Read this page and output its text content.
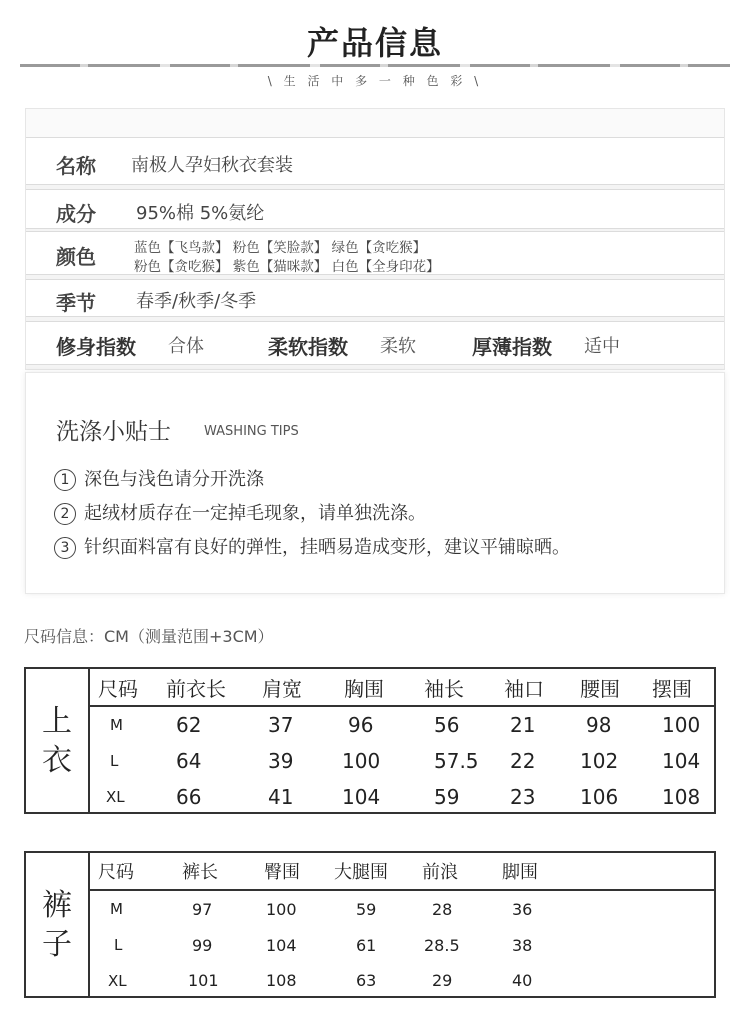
产品信息
\ 生 活 中 多 一 种 色 彩 \
名称 南极人孕妇秋衣套装
成分 95%棉 5%氨纶
颜色	蓝色【飞鸟款】 粉色【笑脸款】 绿色【贪吃猴】
粉色【贪吃猴】 紫色【猫咪款】 白色【全身印花】
季节 春季/秋季/冬季
修身指数 合体	柔软指数 柔软	厚薄指数 适中
洗涤小贴士	WASHING TIPS
1 深色与浅色请分开洗涤
2 起绒材质存在一定掉毛现象，请单独洗涤。
3 针织面料富有良好的弹性，挂晒易造成变形，建议平铺晾晒。
尺码信息：CM（测量范围+3CM）
上
衣
尺码 前衣长 肩宽 胸围 袖长 袖口 腰围 摆围
M	62	37	96	56	21	98	100
L	64	39 100	57.5 22 102 104
XL	66	41 104	59	23 106 108
裤
子
尺码	裤长	臀围 大腿围 前浪 脚围
M	97	100	59	28	36
L	99	104	61	28.5	38
XL	101	108	63	29	40
